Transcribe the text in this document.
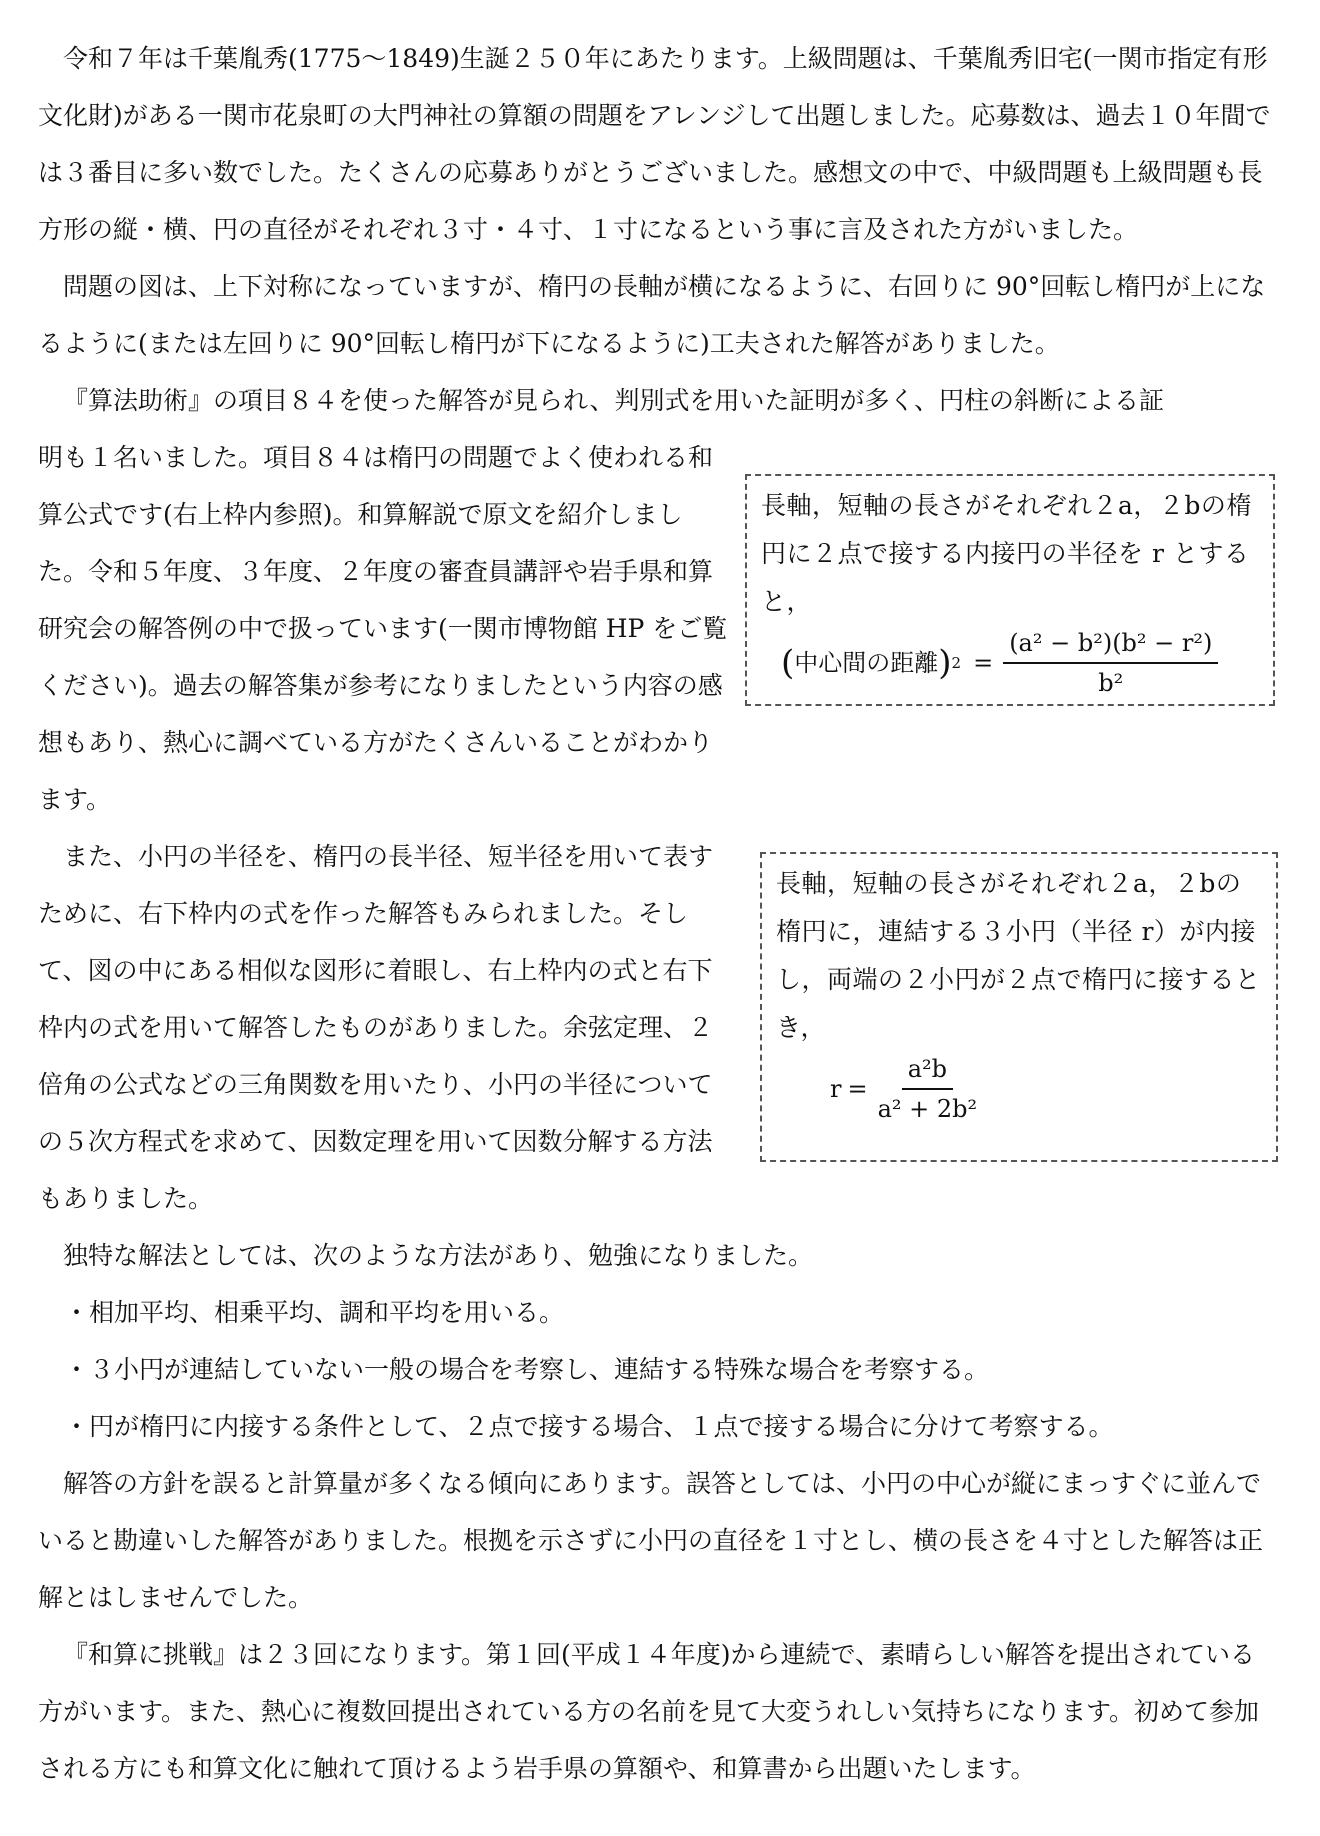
令和７年は千葉胤秀(1775～1849)生誕２５０年にあたります。上級問題は、千葉胤秀旧宅(一関市指定有形文化財)がある一関市花泉町の大門神社の算額の問題をアレンジして出題しました。応募数は、過去１０年間では３番目に多い数でした。たくさんの応募ありがとうございました。感想文の中で、中級問題も上級問題も長方形の縦・横、円の直径がそれぞれ３寸・４寸、１寸になるという事に言及された方がいました。

問題の図は、上下対称になっていますが、楕円の長軸が横になるように、右回りに 90°回転し楕円が上になるように(または左回りに 90°回転し楕円が下になるように)工夫された解答がありました。

『算法助術』の項目８４を使った解答が見られ、判別式を用いた証明が多く、円柱の斜断による証

明も１名いました。項目８４は楕円の問題でよく使われる和算公式です(右上枠内参照)。和算解説で原文を紹介しました。令和５年度、３年度、２年度の審査員講評や岩手県和算研究会の解答例の中で扱っています(一関市博物館 HP をご覧ください)。過去の解答集が参考になりましたという内容の感想もあり、熱心に調べている方がたくさんいることがわかります。

また、小円の半径を、楕円の長半径、短半径を用いて表すために、右下枠内の式を作った解答もみられました。そして、図の中にある相似な図形に着眼し、右上枠内の式と右下枠内の式を用いて解答したものがありました。余弦定理、２倍角の公式などの三角関数を用いたり、小円の半径についての５次方程式を求めて、因数定理を用いて因数分解する方法もありました。

独特な解法としては、次のような方法があり、勉強になりました。

・相加平均、相乗平均、調和平均を用いる。

・３小円が連結していない一般の場合を考察し、連結する特殊な場合を考察する。

・円が楕円に内接する条件として、２点で接する場合、１点で接する場合に分けて考察する。

解答の方針を誤ると計算量が多くなる傾向にあります。誤答としては、小円の中心が縦にまっすぐに並んでいると勘違いした解答がありました。根拠を示さずに小円の直径を１寸とし、横の長さを４寸とした解答は正解とはしませんでした。

『和算に挑戦』は２３回になります。第１回(平成１４年度)から連続で、素晴らしい解答を提出されている方がいます。また、熱心に複数回提出されている方の名前を見て大変うれしい気持ちになります。初めて参加される方にも和算文化に触れて頂けるよう岩手県の算額や、和算書から出題いたします。

長軸，短軸の長さがそれぞれ２a，２bの楕円に２点で接する内接円の半径を r とすると，

( 中心間の距離 ) $2 = \frac{\text{(a² − b²)(b² − r²)}}{\text{b²}}$

長軸，短軸の長さがそれぞれ２a，２bの楕円に，連結する３小円（半径 r）が内接し，両端の２小円が２点で楕円に接するとき，

$r = \frac{\text{a²b}}{\text{a² + 2b²}}$
